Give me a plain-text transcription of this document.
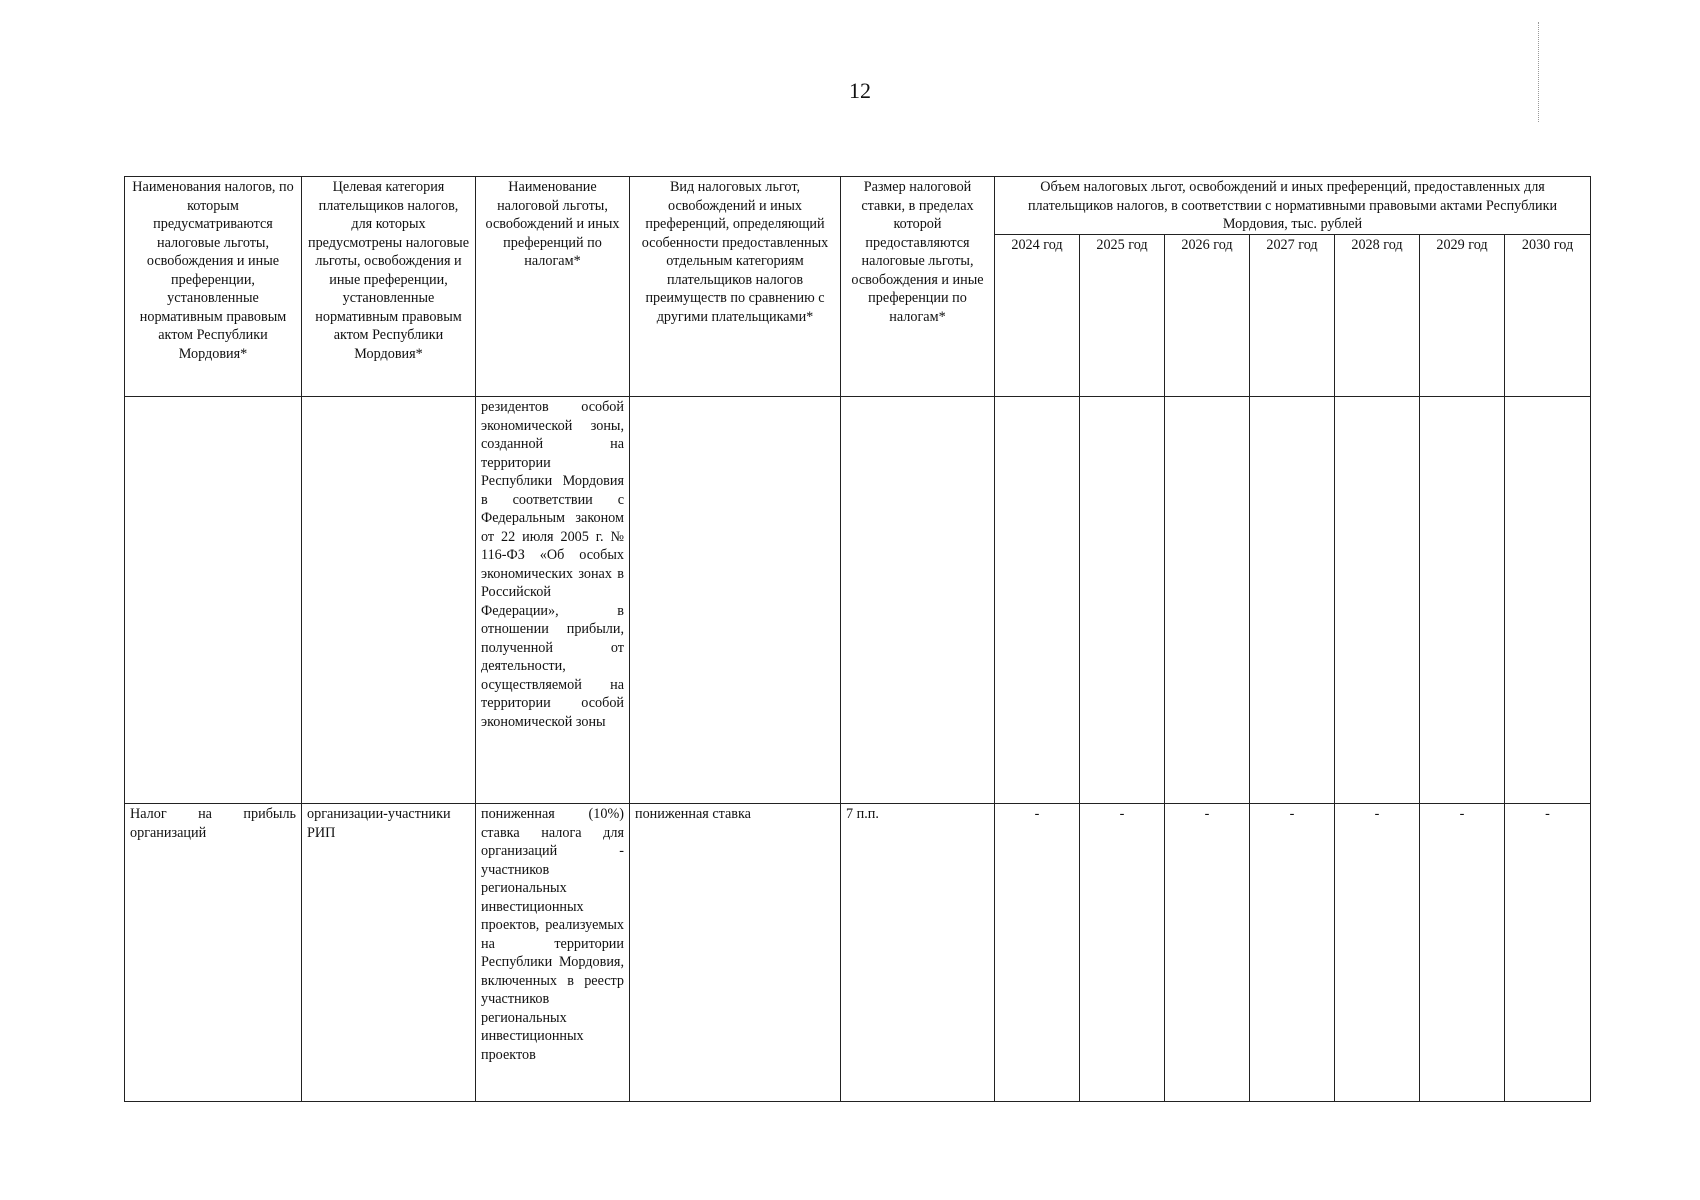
12
Наименования налогов, по которым предусматриваются налоговые льготы, освобождения и иные преференции, установленные нормативным правовым актом Республики Мордовия*	Целевая категория плательщиков налогов, для которых предусмотрены налоговые льготы, освобождения и иные преференции, установленные нормативным правовым актом Республики Мордовия*	Наименование налоговой льготы, освобождений и иных преференций по налогам*	Вид налоговых льгот, освобождений и иных преференций, определяющий особенности предоставленных отдельным категориям плательщиков налогов преимуществ по сравнению с другими плательщиками*	Размер налоговой ставки, в пределах которой предоставляются налоговые льготы, освобождения и иные преференции по налогам*	Объем налоговых льгот, освобождений и иных преференций, предоставленных для плательщиков налогов, в соответствии с нормативными правовыми актами Республики Мордовия, тыс. рублей						
					2024 год	2025 год	2026 год	2027 год	2028 год	2029 год	2030 год
		резидентов особой экономической зоны, созданной на территории Республики Мордовия в соответствии с Федеральным законом от 22 июля 2005 г. № 116-ФЗ «Об особых экономических зонах в Российской Федерации», в отношении прибыли, полученной от деятельности, осуществляемой на территории особой экономической зоны									
Налог на прибыль организаций	организации-участники РИП	пониженная (10%) ставка налога для организаций - участников региональных инвестиционных проектов, реализуемых на территории Республики Мордовия, включенных в реестр участников региональных инвестиционных проектов	пониженная ставка	7 п.п.	-	-	-	-	-	-	-
